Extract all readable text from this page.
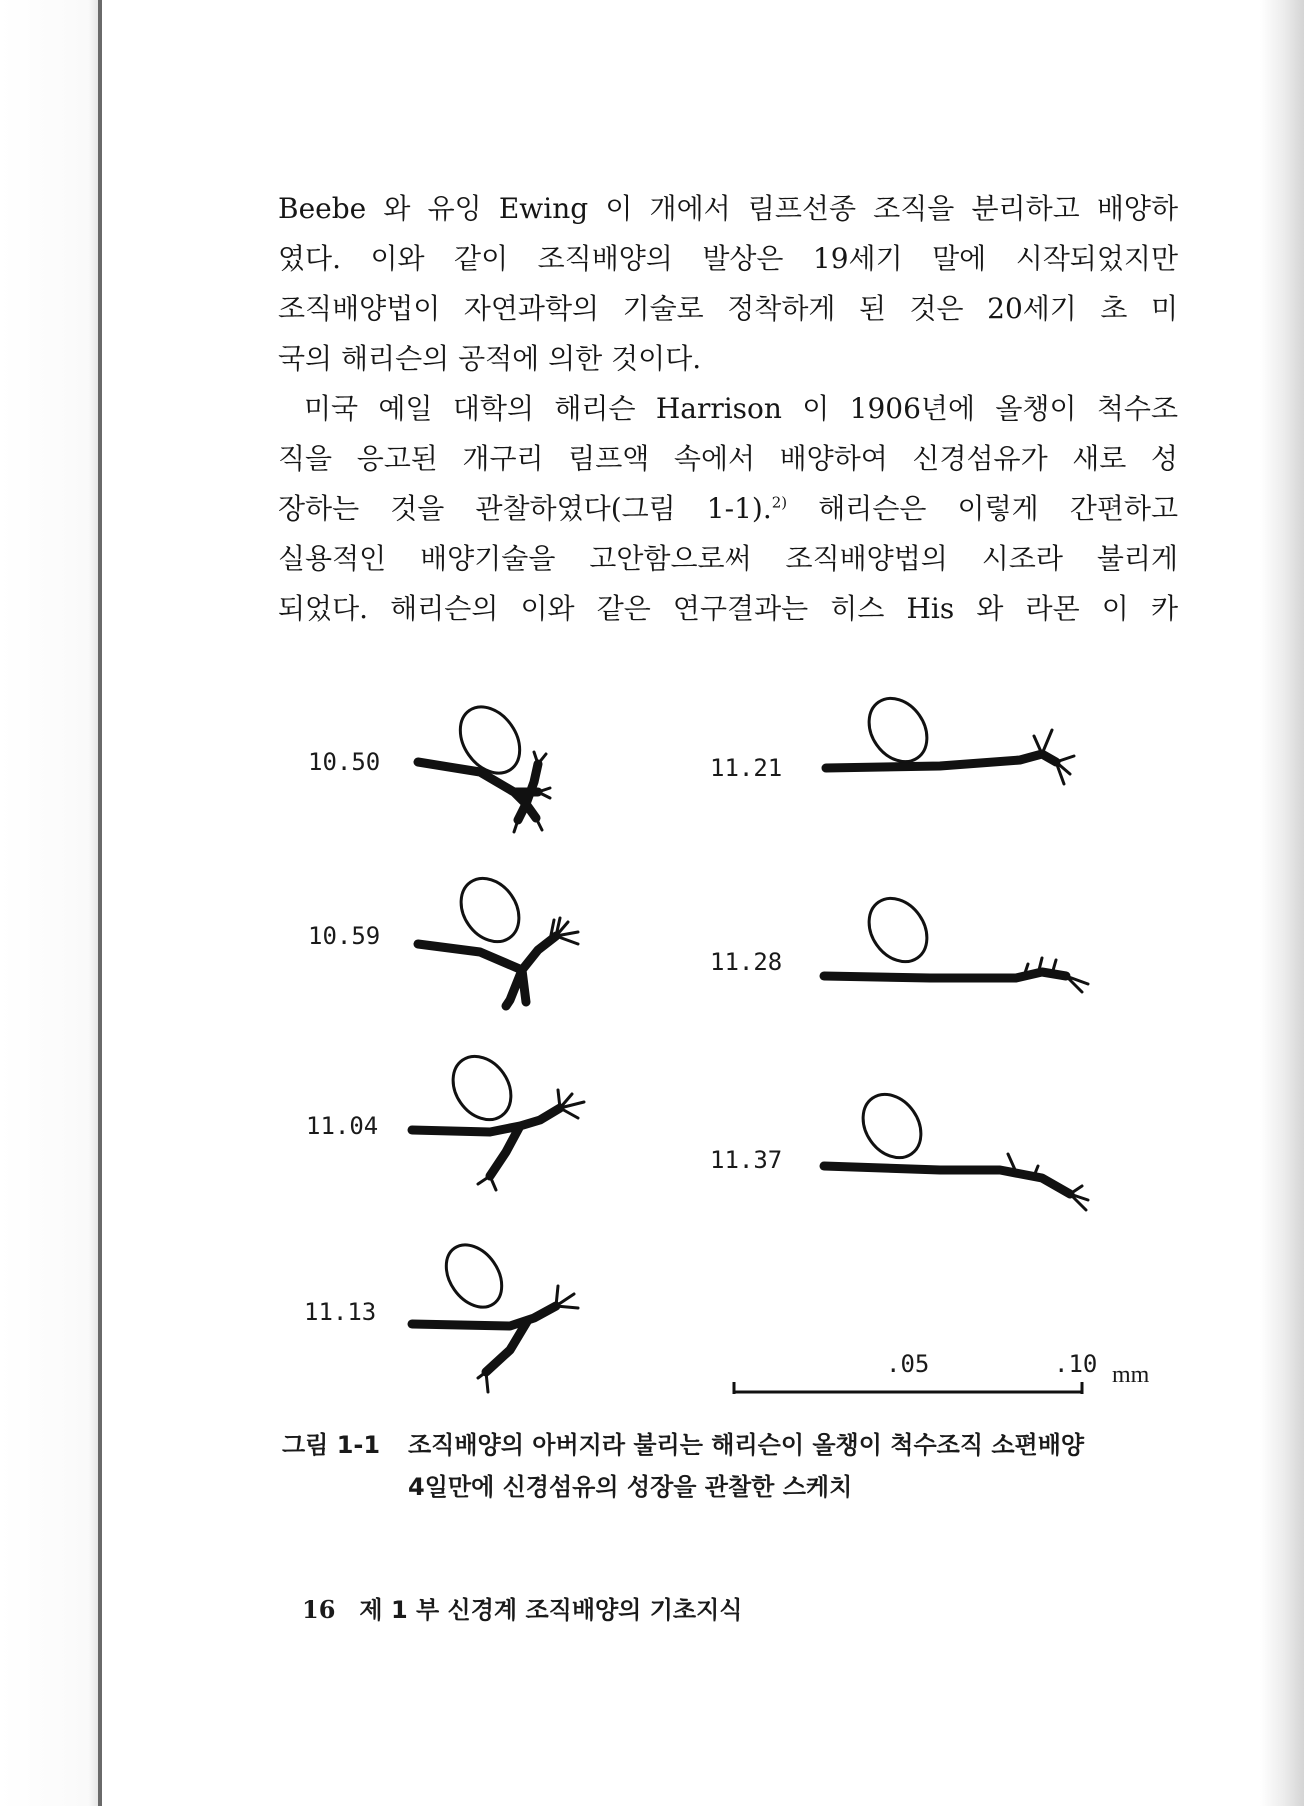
Beebe 와 유잉 Ewing 이 개에서 림프선종 조직을 분리하고 배양하
였다. 이와 같이 조직배양의 발상은 19세기 말에 시작되었지만
조직배양법이 자연과학의 기술로 정착하게 된 것은 20세기 초 미
국의 해리슨의 공적에 의한 것이다.
미국 예일 대학의 해리슨 Harrison 이 1906년에 올챙이 척수조
직을 응고된 개구리 림프액 속에서 배양하여 신경섬유가 새로 성
장하는 것을 관찰하였다(그림 1-1).$^{2)}$ 해리슨은 이렇게 간편하고
실용적인 배양기술을 고안함으로써 조직배양법의 시조라 불리게
되었다. 해리슨의 이와 같은 연구결과는 히스 His 와 라몬 이 카
10.50
10.59
11.04
11.13
11.21
11.28
11.37
.05	.10 mm
그림 1-1 조직배양의 아버지라 불리는 해리슨이 올챙이 척수조직 소편배양
4일만에 신경섬유의 성장을 관찰한 스케치
16 제 1 부 신경계 조직배양의 기초지식
